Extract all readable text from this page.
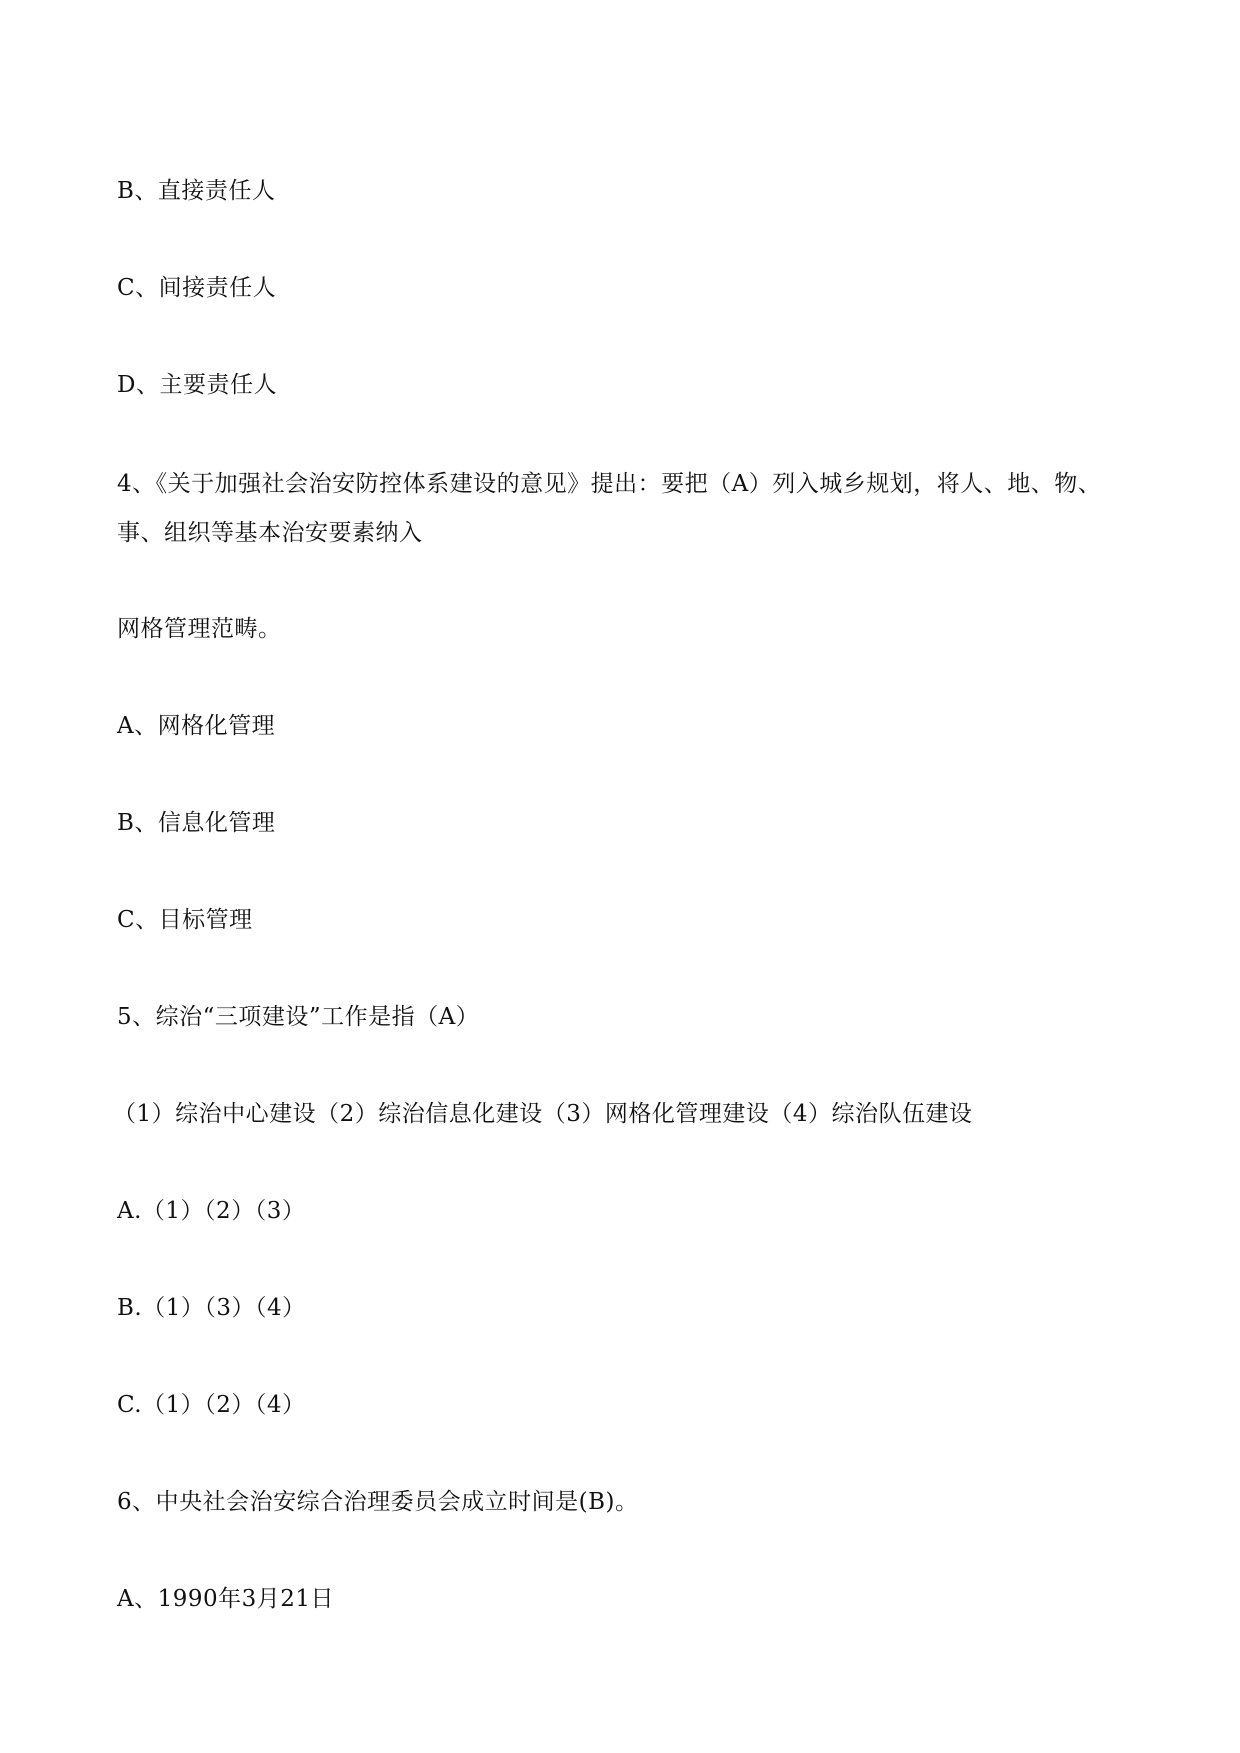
B、直接责任人

C、间接责任人

D、主要责任人

4、《关于加强社会治安防控体系建设的意见》提出：要把（A）列入城乡规划，将人、地、物、事、组织等基本治安要素纳入

网格管理范畴。

A、网格化管理

B、信息化管理

C、目标管理

5、综治“三项建设”工作是指（A）

（1）综治中心建设（2）综治信息化建设（3）网格化管理建设（4）综治队伍建设

A.（1）（2）（3）

B.（1）（3）（4）

C.（1）（2）（4）

6、中央社会治安综合治理委员会成立时间是(B)。

A、1990年3月21日
